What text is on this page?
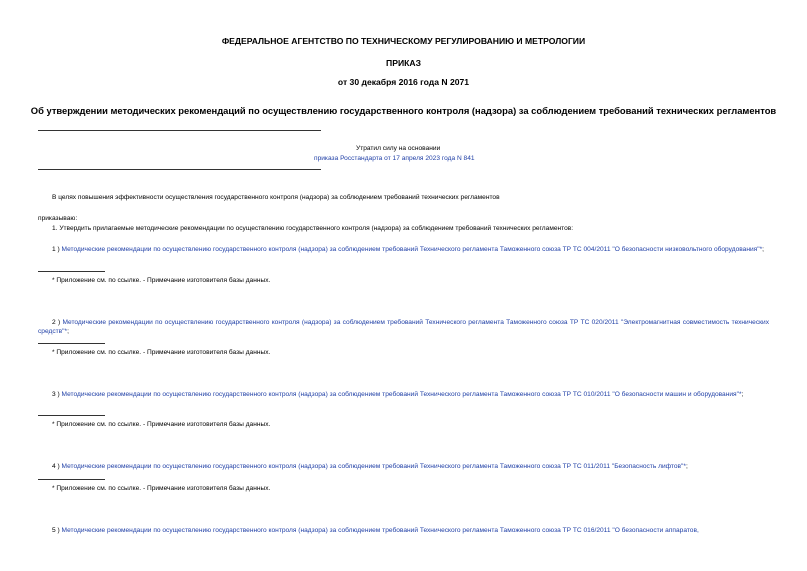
ФЕДЕРАЛЬНОЕ АГЕНТСТВО ПО ТЕХНИЧЕСКОМУ РЕГУЛИРОВАНИЮ И МЕТРОЛОГИИ
ПРИКАЗ
от 30 декабря 2016 года N 2071
Об утверждении методических рекомендаций по осуществлению государственного контроля (надзора) за соблюдением требований технических регламентов
Утратил силу на основании
приказа Росстандарта от 17 апреля 2023 года N 841
В целях повышения эффективности осуществления государственного контроля (надзора) за соблюдением требований технических регламентов
приказываю:
1. Утвердить прилагаемые методические рекомендации по осуществлению государственного контроля (надзора) за соблюдением требований технических регламентов:
1 ) Методические рекомендации по осуществлению государственного контроля (надзора) за соблюдением требований Технического регламента Таможенного союза ТР ТС 004/2011 "О безопасности низковольтного оборудования"*;
* Приложение см. по ссылке. - Примечание изготовителя базы данных.
2 ) Методические рекомендации по осуществлению государственного контроля (надзора) за соблюдением требований Технического регламента Таможенного союза ТР ТС 020/2011 "Электромагнитная совместимость технических средств"*;
* Приложение см. по ссылке. - Примечание изготовителя базы данных.
3 ) Методические рекомендации по осуществлению государственного контроля (надзора) за соблюдением требований Технического регламента Таможенного союза ТР ТС 010/2011 "О безопасности машин и оборудования"*;
* Приложение см. по ссылке. - Примечание изготовителя базы данных.
4 ) Методические рекомендации по осуществлению государственного контроля (надзора) за соблюдением требований Технического регламента Таможенного союза ТР ТС 011/2011 "Безопасность лифтов"*;
* Приложение см. по ссылке. - Примечание изготовителя базы данных.
5 ) Методические рекомендации по осуществлению государственного контроля (надзора) за соблюдением требований Технического регламента Таможенного союза ТР ТС 016/2011 "О безопасности аппаратов,
